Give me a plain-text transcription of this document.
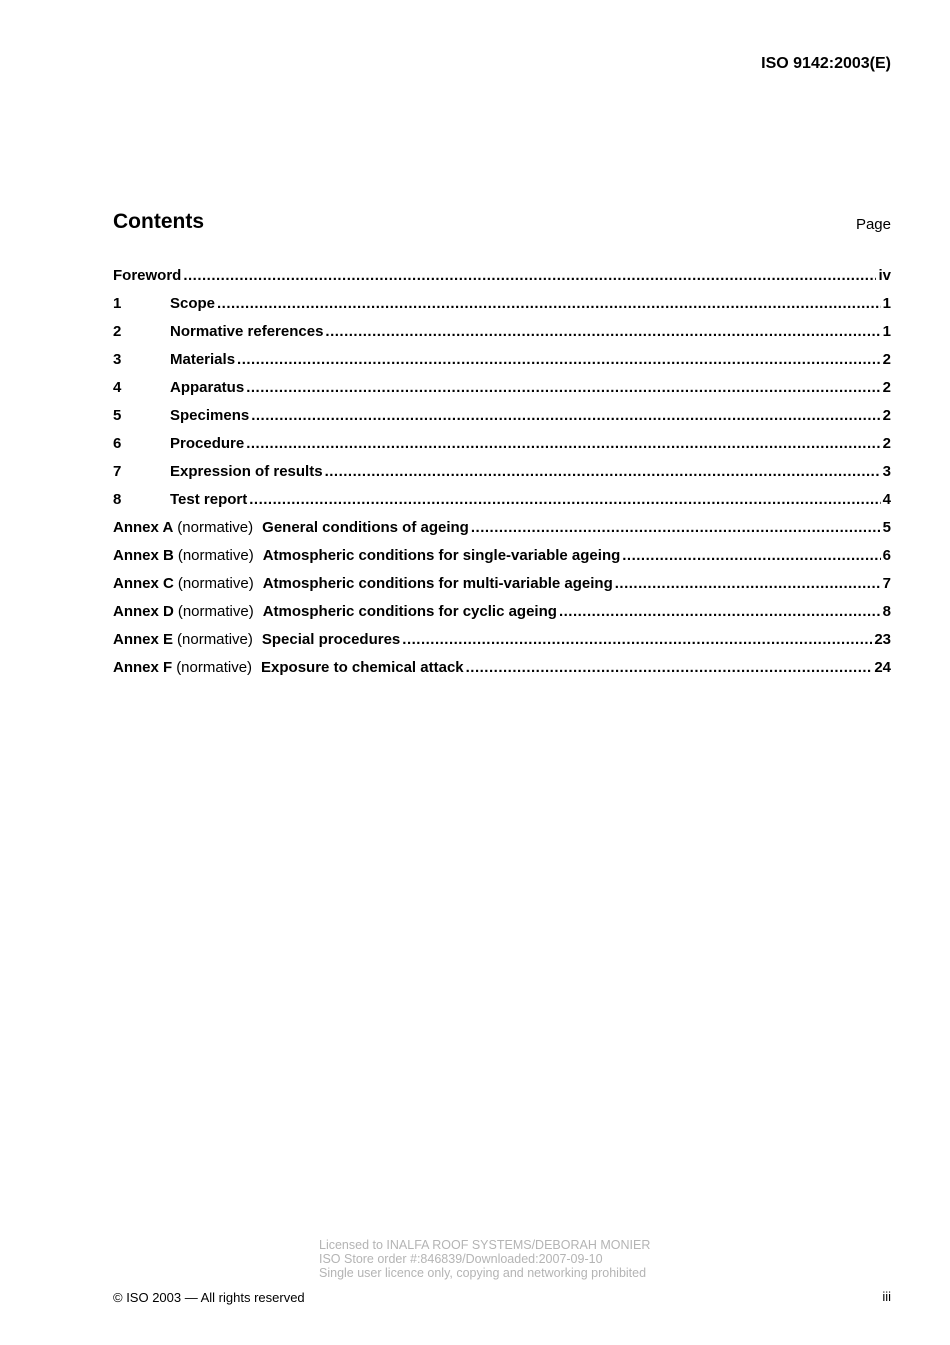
ISO 9142:2003(E)
Contents	Page
Foreword .....	iv
1	Scope .....	1
2	Normative references .....	1
3	Materials .....	2
4	Apparatus .....	2
5	Specimens .....	2
6	Procedure .....	2
7	Expression of results .....	3
8	Test report .....	4
Annex A (normative) General conditions of ageing .....	5
Annex B (normative) Atmospheric conditions for single-variable ageing .....	6
Annex C (normative) Atmospheric conditions for multi-variable ageing .....	7
Annex D (normative) Atmospheric conditions for cyclic ageing .....	8
Annex E (normative) Special procedures .....	23
Annex F (normative) Exposure to chemical attack .....	24
Licensed to INALFA ROOF SYSTEMS/DEBORAH MONIER
ISO Store order #:846839/Downloaded:2007-09-10
Single user licence only, copying and networking prohibited
© ISO 2003 — All rights reserved	iii
